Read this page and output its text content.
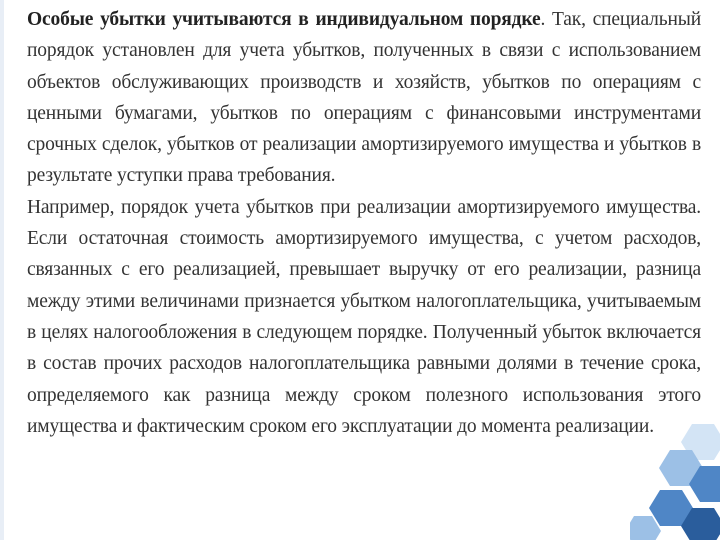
Особые убытки учитываются в индивидуальном порядке. Так, специальный порядок установлен для учета убытков, полученных в связи с использованием объектов обслуживающих производств и хозяйств, убытков по операциям с ценными бумагами, убытков по операциям с финансовыми инструментами срочных сделок, убытков от реализации амортизируемого имущества и убытков в результате уступки права требования.

Например, порядок учета убытков при реализации амортизируемого имущества. Если остаточная стоимость амортизируемого имущества, с учетом расходов, связанных с его реализацией, превышает выручку от его реализации, разница между этими величинами признается убытком налогоплательщика, учитываемым в целях налогообложения в следующем порядке. Полученный убыток включается в состав прочих расходов налогоплательщика равными долями в течение срока, определяемого как разница между сроком полезного использования этого имущества и фактическим сроком его эксплуатации до момента реализации.
